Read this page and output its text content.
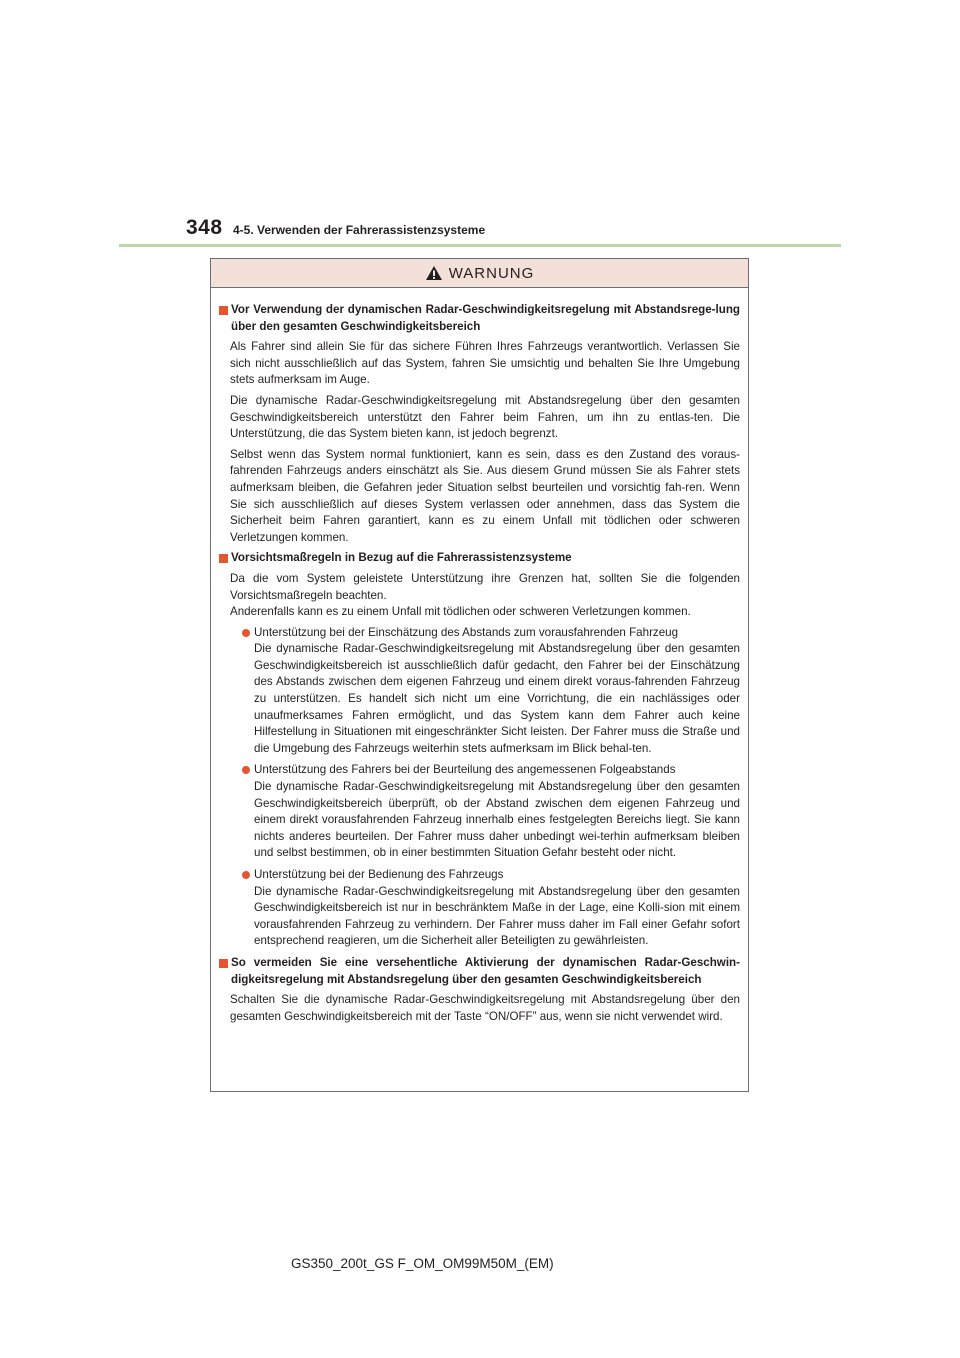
348 4-5. Verwenden der Fahrerassistenzsysteme
WARNUNG
Vor Verwendung der dynamischen Radar-Geschwindigkeitsregelung mit Abstandsrege-lung über den gesamten Geschwindigkeitsbereich

Als Fahrer sind allein Sie für das sichere Führen Ihres Fahrzeugs verantwortlich. Verlassen Sie sich nicht ausschließlich auf das System, fahren Sie umsichtig und behalten Sie Ihre Umgebung stets aufmerksam im Auge.

Die dynamische Radar-Geschwindigkeitsregelung mit Abstandsregelung über den gesamten Geschwindigkeitsbereich unterstützt den Fahrer beim Fahren, um ihn zu entlas-ten. Die Unterstützung, die das System bieten kann, ist jedoch begrenzt.

Selbst wenn das System normal funktioniert, kann es sein, dass es den Zustand des voraus-fahrenden Fahrzeugs anders einschätzt als Sie. Aus diesem Grund müssen Sie als Fahrer stets aufmerksam bleiben, die Gefahren jeder Situation selbst beurteilen und vorsichtig fah-ren. Wenn Sie sich ausschließlich auf dieses System verlassen oder annehmen, dass das System die Sicherheit beim Fahren garantiert, kann es zu einem Unfall mit tödlichen oder schweren Verletzungen kommen.

Vorsichtsmaßregeln in Bezug auf die Fahrerassistenzsysteme

Da die vom System geleistete Unterstützung ihre Grenzen hat, sollten Sie die folgenden Vorsichtsmaßregeln beachten.

Anderenfalls kann es zu einem Unfall mit tödlichen oder schweren Verletzungen kommen.

Unterstützung bei der Einschätzung des Abstands zum vorausfahrenden Fahrzeug
Die dynamische Radar-Geschwindigkeitsregelung mit Abstandsregelung über den gesamten Geschwindigkeitsbereich ist ausschließlich dafür gedacht, den Fahrer bei der Einschätzung des Abstands zwischen dem eigenen Fahrzeug und einem direkt voraus-fahrenden Fahrzeug zu unterstützen. Es handelt sich nicht um eine Vorrichtung, die ein nachlässiges oder unaufmerksames Fahren ermöglicht, und das System kann dem Fahrer auch keine Hilfestellung in Situationen mit eingeschränkter Sicht leisten. Der Fahrer muss die Straße und die Umgebung des Fahrzeugs weiterhin stets aufmerksam im Blick behal-ten.
Unterstützung des Fahrers bei der Beurteilung des angemessenen Folgeabstands
Die dynamische Radar-Geschwindigkeitsregelung mit Abstandsregelung über den gesamten Geschwindigkeitsbereich überprüft, ob der Abstand zwischen dem eigenen Fahrzeug und einem direkt vorausfahrenden Fahrzeug innerhalb eines festgelegten Bereichs liegt. Sie kann nichts anderes beurteilen. Der Fahrer muss daher unbedingt wei-terhin aufmerksam bleiben und selbst bestimmen, ob in einer bestimmten Situation Gefahr besteht oder nicht.
Unterstützung bei der Bedienung des Fahrzeugs
Die dynamische Radar-Geschwindigkeitsregelung mit Abstandsregelung über den gesamten Geschwindigkeitsbereich ist nur in beschränktem Maße in der Lage, eine Kolli-sion mit einem vorausfahrenden Fahrzeug zu verhindern. Der Fahrer muss daher im Fall einer Gefahr sofort entsprechend reagieren, um die Sicherheit aller Beteiligten zu gewährleisten.
So vermeiden Sie eine versehentliche Aktivierung der dynamischen Radar-Geschwin-digkeitsregelung mit Abstandsregelung über den gesamten Geschwindigkeitsbereich

Schalten Sie die dynamische Radar-Geschwindigkeitsregelung mit Abstandsregelung über den gesamten Geschwindigkeitsbereich mit der Taste “ON/OFF” aus, wenn sie nicht verwendet wird.

GS350_200t_GS F_OM_OM99M50M_(EM)
